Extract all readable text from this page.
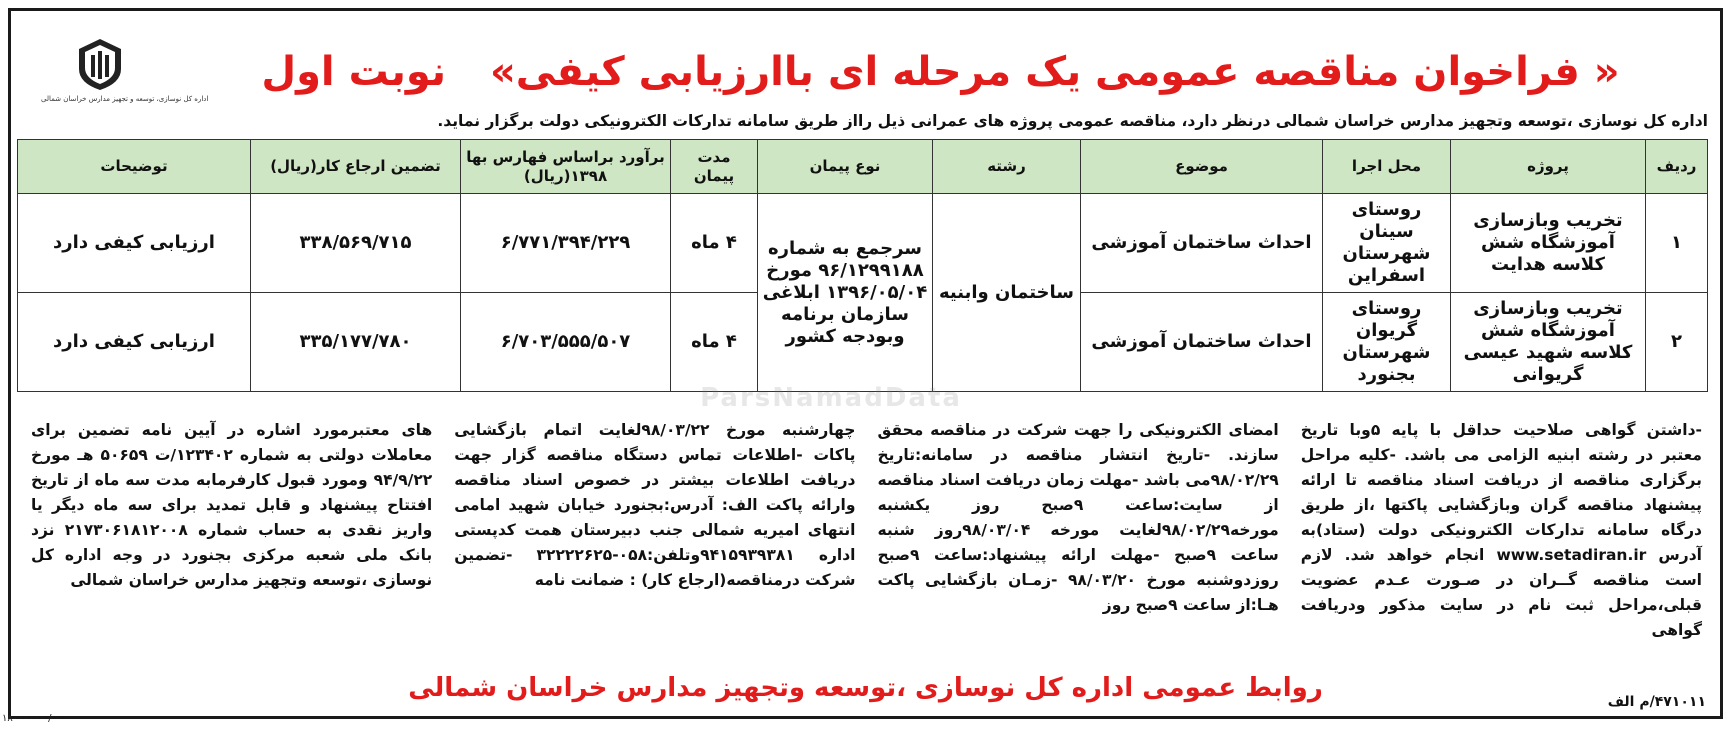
اداره کل نوسازی، توسعه و تجهیز مدارس خراسان شمالی
« فراخوان مناقصه عمومی یک مرحله ای باارزیابی کیفی» نوبت اول
اداره کل نوسازی ،توسعه وتجهیز مدارس خراسان شمالی درنظر دارد، مناقصه عمومی پروژه های عمرانی ذیل راﺍز طریق سامانه تدارکات الکترونیکی دولت برگزار نماید.
ردیف	پروژه	محل اجرا	موضوع	رشته	نوع پیمان	مدت پیمان	برآورد براساس فهارس بها ۱۳۹۸(ریال)	تضمین ارجاع کار(ریال)	توضیحات
۱	تخریب وبازسازی آموزشگاه شش کلاسه هدایت	روستای سینان شهرستان اسفراین	احداث ساختمان آموزشی	ساختمان وابنیه	سرجمع به شماره ۹۶/۱۲۹۹۱۸۸ مورخ ۱۳۹۶/۰۵/۰۴ ابلاغی سازمان برنامه وبودجه کشور	۴ ماه	۶/۷۷۱/۳۹۴/۲۲۹	۳۳۸/۵۶۹/۷۱۵	ارزیابی کیفی دارد
۲	تخریب وبازسازی آموزشگاه شش کلاسه شهید عیسی گریوانی	روستای گریوان شهرستان بجنورد	احداث ساختمان آموزشی			۴ ماه	۶/۷۰۳/۵۵۵/۵۰۷	۳۳۵/۱۷۷/۷۸۰	ارزیابی کیفی دارد
ParsNamadData

-داشتن گواهی صلاحیت حداقل با پایه ۵وبا تاریخ معتبر در رشته ابنیه الزامی می باشد. -کلیه مراحل برگزاری مناقصه از دریافت اسناد مناقصه تا ارائه پیشنهاد مناقصه گران وبازگشایی پاکتها ،از طریق درگاه سامانه تدارکات الکترونیکی دولت (ستاد)به آدرس www.setadiran.ir انجام خواهد شد. لازم است مناقصه گــران در صـورت عـدم عضویت قبلی،مراحل ثبت نام در سایت مذکور ودریافت گواهی

امضای الکترونیکی را جهت شرکت در مناقصه محقق سازند. -تاریخ انتشار مناقصه در سامانه:تاریخ ۹۸/۰۲/۲۹می باشد -مهلت زمان دریافت اسناد مناقصه از سایت:ساعت ۹صبح روز یکشنبه مورخه۹۸/۰۲/۲۹لغایت مورخه ۹۸/۰۳/۰۴روز شنبه ساعت ۹صبح -مهلت ارائه پیشنهاد:ساعت ۹صبح روزدوشنبه مورخ ۹۸/۰۳/۲۰ -زمـان بازگشایی پاکت هـا:از ساعت ۹صبح روز

چهارشنبه مورخ ۹۸/۰۳/۲۲لغایت اتمام بازگشایی پاکات -اطلاعات تماس دستگاه مناقصه گزار جهت دریافت اطلاعات بیشتر در خصوص اسناد مناقصه وارائه پاکت الف: آدرس:بجنورد خیابان شهید امامی انتهای امیریه شمالی جنب دبیرستان همت کدپستی اداره ۹۴۱۵۹۳۹۳۸۱وتلفن:۰۵۸-۳۲۲۲۲۶۲۵ -تضمین شرکت درمناقصه(ارجاع کار) : ضمانت نامه

های معتبرمورد اشاره در آیین نامه تضمین برای معاملات دولتی به شماره ۱۲۳۴۰۲/ت ۵۰۶۵۹ هـ مورخ ۹۴/۹/۲۲ ومورد قبول کارفرمابه مدت سه ماه از تاریخ افتتاح پیشنهاد و قابل تمدید برای سه ماه دیگر یا واریز نقدی به حساب شماره ۲۱۷۳۰۶۱۸۱۲۰۰۸ نزد بانک ملی شعبه مرکزی بجنورد در وجه اداره کل نوسازی ،توسعه وتجهیز مدارس خراسان شمالی

روابط عمومی اداره کل نوسازی ،توسعه وتجهیز مدارس خراسان شمالی	۴۷۱۰۱۱/م الف
۱۸۰۰۰۰۰۰ / ۰
